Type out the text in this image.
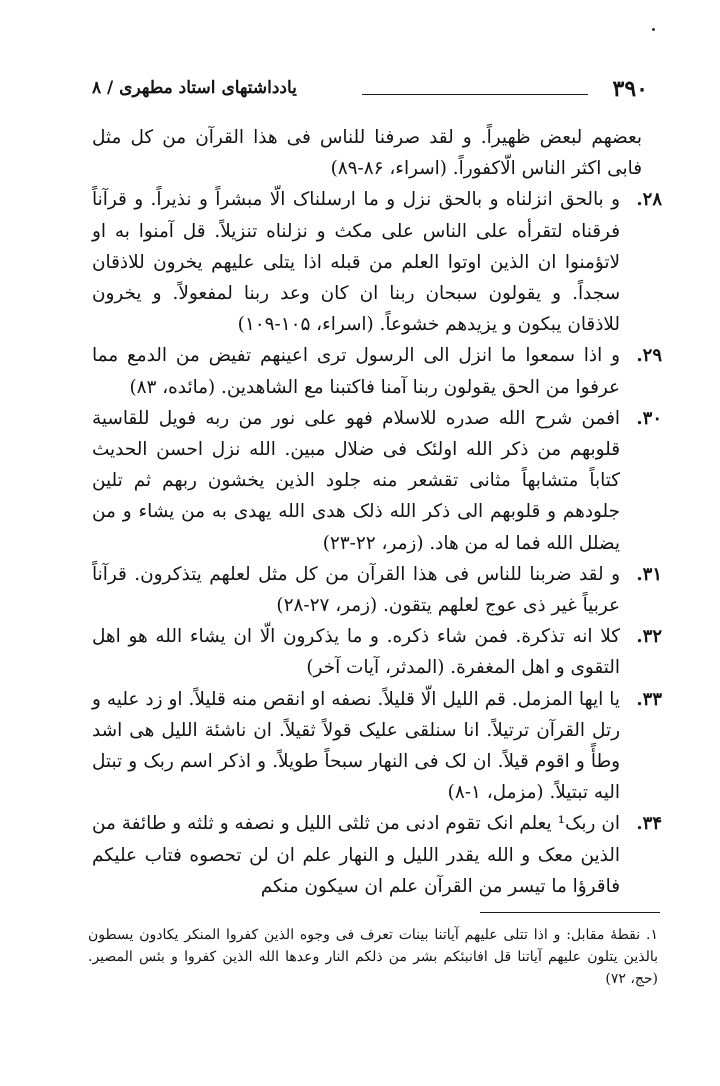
۳۹۰
يادداشتهاى استاد مطهرى / ۸
بعضهم لبعض ظهيراً. و لقد صرفنا للناس فى هذا القرآن من كل مثل فابى اكثر الناس الّاكفوراً. (اسراء، ۸۶-۸۹)
۲۸.
و بالحق انزلناه و بالحق نزل و ما ارسلناک الّا مبشراً و نذيراً. و قرآناً فرقناه لتقرأه على الناس على مكث و نزلناه تنزيلاً. قل آمنوا به او لاتؤمنوا ان الذين اوتوا العلم من قبله اذا يتلى عليهم يخرون للاذقان سجداً. و يقولون سبحان ربنا ان كان وعد ربنا لمفعولاً. و يخرون للاذقان يبكون و يزيدهم خشوعاً. (اسراء، ۱۰۵-۱۰۹)
۲۹.
و اذا سمعوا ما انزل الى الرسول ترى اعينهم تفيض من الدمع مما عرفوا من الحق يقولون ربنا آمنا فاكتبنا مع الشاهدين. (مائده، ۸۳)
۳۰.
افمن شرح الله صدره للاسلام فهو على نور من ربه فويل للقاسية قلوبهم من ذكر الله اولئک فى ضلال مبين. الله نزل احسن الحديث كتاباً متشابهاً مثانى تقشعر منه جلود الذين يخشون ربهم ثم تلين جلودهم و قلوبهم الى ذكر الله ذلک هدى الله يهدى به من يشاء و من يضلل الله فما له من هاد. (زمر، ۲۲-۲۳)
۳۱.
و لقد ضربنا للناس فى هذا القرآن من كل مثل لعلهم يتذكرون. قرآناً عربياً غير ذى عوج لعلهم يتقون. (زمر، ۲۷-۲۸)
۳۲.
كلا انه تذكرة. فمن شاء ذكره. و ما يذكرون الّا ان يشاء الله هو اهل التقوى و اهل المغفرة. (المدثر، آيات آخر)
۳۳.
يا ايها المزمل. قم الليل الّا قليلاً. نصفه او انقص منه قليلاً. او زد عليه و رتل القرآن ترتيلاً. انا سنلقى عليک قولاً ثقيلاً. ان ناشئة الليل هى اشد وطأً و اقوم قيلاً. ان لک فى النهار سبحاً طويلاً. و اذكر اسم ربک و تبتل اليه تبتيلاً. (مزمل، ۱-۸)
۳۴.
ان ربک¹ يعلم انک تقوم ادنى من ثلثى الليل و نصفه و ثلثه و طائفة من الذين معک و الله يقدر الليل و النهار علم ان لن تحصوه فتاب عليكم فاقرؤا ما تيسر من القرآن علم ان سيكون منكم
۱. نقطهٔ مقابل: و اذا تتلى عليهم آياتنا بينات تعرف فى وجوه الذين كفروا المنكر يكادون يسطون بالذين يتلون عليهم آياتنا قل افانبئكم بشر من ذلكم النار وعدها الله الذين كفروا و بئس المصير. (حج، ۷۲)
